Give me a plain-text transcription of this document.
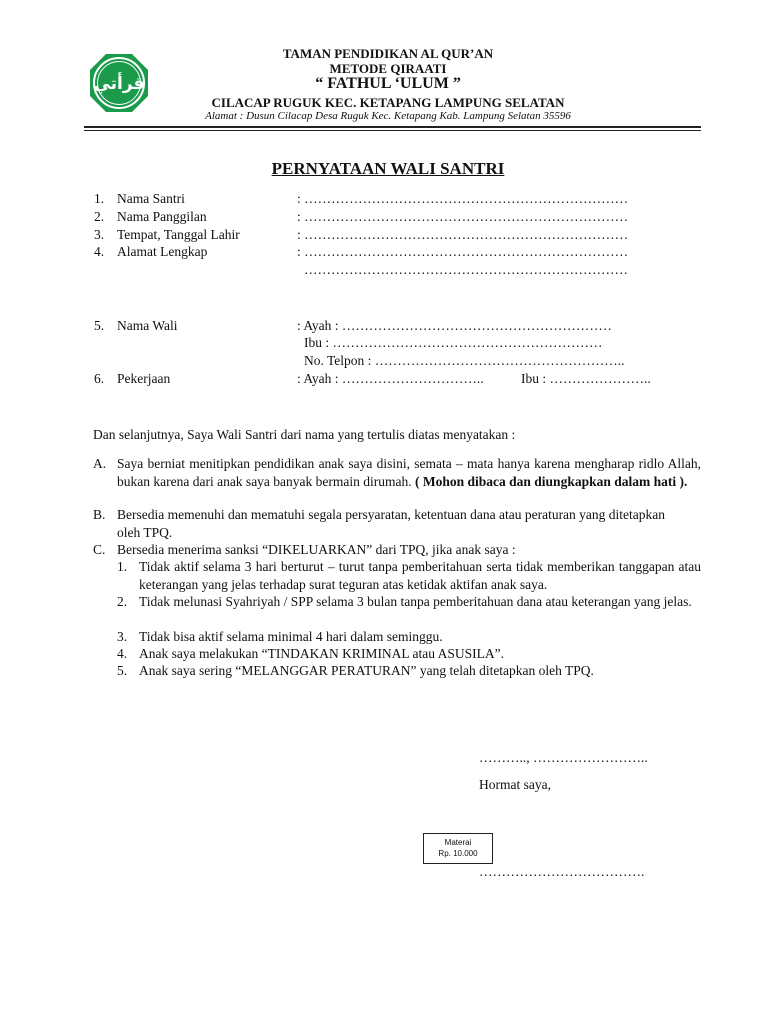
قرأتي
TAMAN PENDIDIKAN AL QUR’AN
METODE QIRAATI
“ FATHUL ‘ULUM ”
CILACAP RUGUK KEC. KETAPANG LAMPUNG SELATAN
Alamat : Dusun Cilacap Desa Ruguk Kec. Ketapang Kab. Lampung Selatan 35596
PERNYATAAN WALI SANTRI
1. Nama Santri	: ………………………………………………………………
2. Nama Panggilan	: ………………………………………………………………
3. Tempat, Tanggal Lahir	: ………………………………………………………………
4. Alamat Lengkap	: ………………………………………………………………
………………………………………………………………
5. Nama Wali	: Ayah : ……………………………………………………
Ibu : ……………………………………………………
No. Telpon : ………………………………………………..
6. Pekerjaan	: Ayah : …………………………..	Ibu : …………………..
Dan selanjutnya, Saya Wali Santri dari nama yang tertulis diatas menyatakan :
A. Saya berniat menitipkan pendidikan anak saya disini, semata – mata hanya karena mengharap ridlo Allah, bukan karena dari anak saya banyak bermain dirumah. ( Mohon dibaca dan diungkapkan dalam hati ).
B. Bersedia memenuhi dan mematuhi segala persyaratan, ketentuan dana atau peraturan yang ditetapkan oleh TPQ.
C. Bersedia menerima sanksi “DIKELUARKAN” dari TPQ, jika anak saya :
1. Tidak aktif selama 3 hari berturut – turut tanpa pemberitahuan serta tidak memberikan tanggapan atau keterangan yang jelas terhadap surat teguran atas ketidak aktifan anak saya.
2. Tidak melunasi Syahriyah / SPP selama 3 bulan tanpa pemberitahuan dana atau keterangan yang jelas.
3. Tidak bisa aktif selama minimal 4 hari dalam seminggu.
4. Anak saya melakukan “TINDAKAN KRIMINAL atau ASUSILA”.
5. Anak saya sering “MELANGGAR PERATURAN” yang telah ditetapkan oleh TPQ.
……….., ……………………..
Hormat saya,
Materai
Rp. 10.000
……………………………….
